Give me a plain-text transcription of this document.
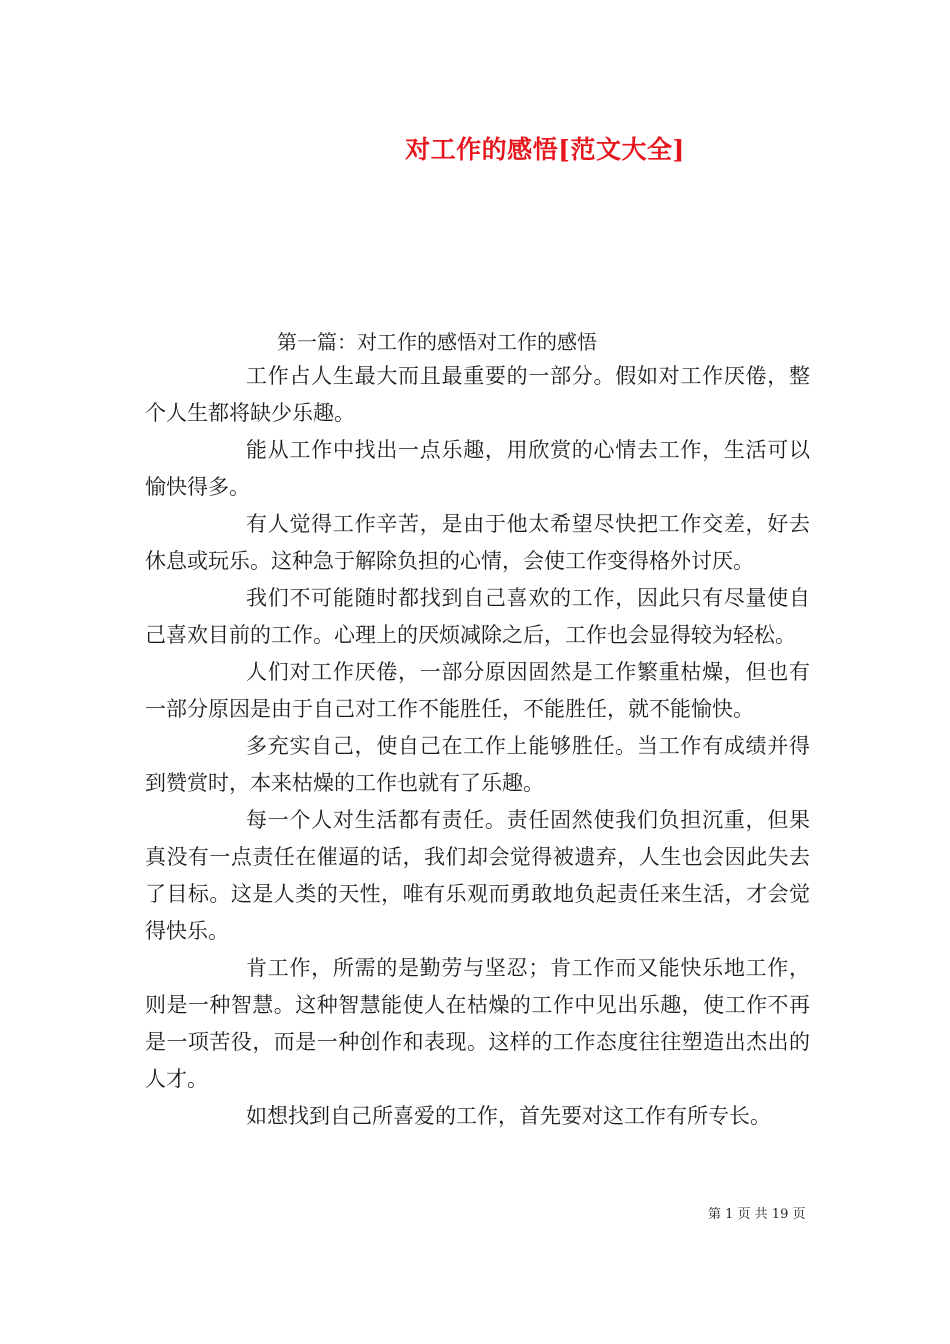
对工作的感悟[范文大全]
第一篇：对工作的感悟对工作的感悟

工作占人生最大而且最重要的一部分。假如对工作厌倦，整个人生都将缺少乐趣。

能从工作中找出一点乐趣，用欣赏的心情去工作，生活可以愉快得多。

有人觉得工作辛苦，是由于他太希望尽快把工作交差，好去休息或玩乐。这种急于解除负担的心情，会使工作变得格外讨厌。

我们不可能随时都找到自己喜欢的工作，因此只有尽量使自己喜欢目前的工作。心理上的厌烦减除之后，工作也会显得较为轻松。

人们对工作厌倦，一部分原因固然是工作繁重枯燥，但也有一部分原因是由于自己对工作不能胜任，不能胜任，就不能愉快。

多充实自己，使自己在工作上能够胜任。当工作有成绩并得到赞赏时，本来枯燥的工作也就有了乐趣。

每一个人对生活都有责任。责任固然使我们负担沉重，但果真没有一点责任在催逼的话，我们却会觉得被遗弃，人生也会因此失去了目标。这是人类的天性，唯有乐观而勇敢地负起责任来生活，才会觉得快乐。

肯工作，所需的是勤劳与坚忍；肯工作而又能快乐地工作，则是一种智慧。这种智慧能使人在枯燥的工作中见出乐趣，使工作不再是一项苦役，而是一种创作和表现。这样的工作态度往往塑造出杰出的人才。

如想找到自己所喜爱的工作，首先要对这工作有所专长。

第 1 页 共 19 页
